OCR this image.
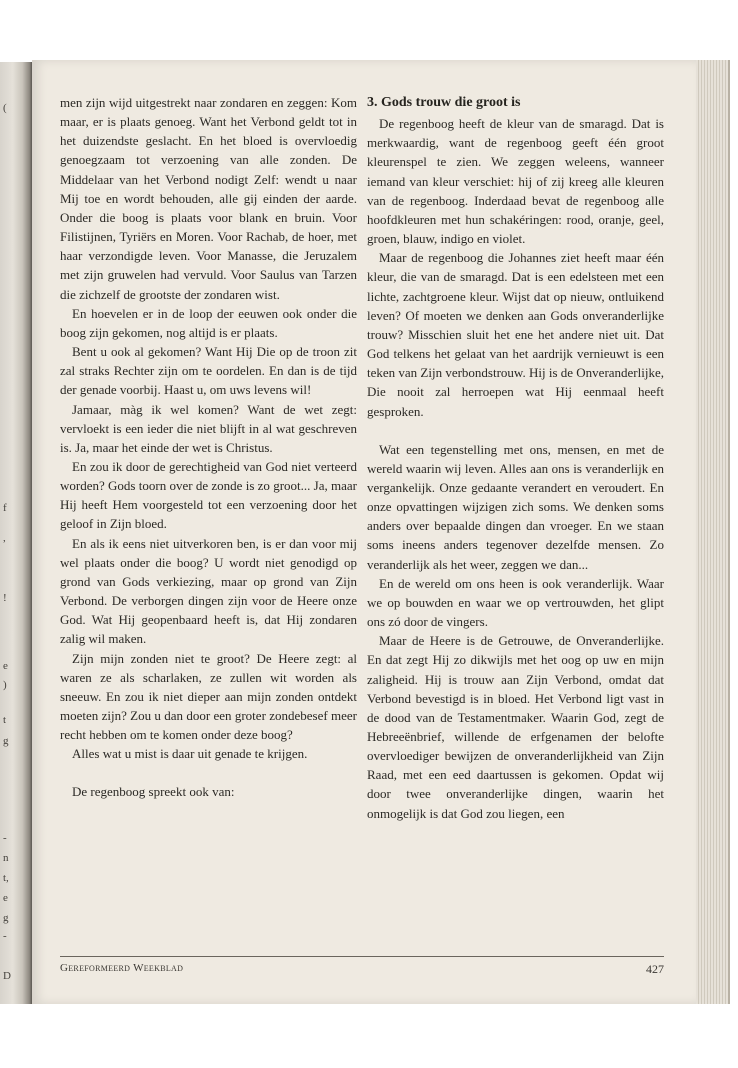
(
f
,
!
e
)
t
g
-
n
t,
e
g
‐
D

men zijn wijd uitgestrekt naar zondaren en zeggen: Kom maar, er is plaats genoeg. Want het Verbond geldt tot in het duizendste geslacht. En het bloed is overvloedig genoegzaam tot verzoening van alle zonden. De Middelaar van het Verbond nodigt Zelf: wendt u naar Mij toe en wordt behouden, alle gij einden der aarde. Onder die boog is plaats voor blank en bruin. Voor Filistijnen, Tyriërs en Moren. Voor Rachab, de hoer, met haar verzondigde leven. Voor Manasse, die Jeruzalem met zijn gruwelen had vervuld. Voor Saulus van Tarzen die zichzelf de grootste der zondaren wist.

En hoevelen er in de loop der eeuwen ook onder die boog zijn gekomen, nog altijd is er plaats.

Bent u ook al gekomen? Want Hij Die op de troon zit zal straks Rechter zijn om te oordelen. En dan is de tijd der genade voorbij. Haast u, om uws levens wil!

Jamaar, màg ik wel komen? Want de wet zegt: vervloekt is een ieder die niet blijft in al wat geschreven is. Ja, maar het einde der wet is Christus.

En zou ik door de gerechtigheid van God niet verteerd worden? Gods toorn over de zonde is zo groot... Ja, maar Hij heeft Hem voorgesteld tot een verzoening door het geloof in Zijn bloed.

En als ik eens niet uitverkoren ben, is er dan voor mij wel plaats onder die boog? U wordt niet genodigd op grond van Gods verkiezing, maar op grond van Zijn Verbond. De verborgen dingen zijn voor de Heere onze God. Wat Hij geopenbaard heeft is, dat Hij zondaren zalig wil maken.

Zijn mijn zonden niet te groot? De Heere zegt: al waren ze als scharlaken, ze zullen wit worden als sneeuw. En zou ik niet dieper aan mijn zonden ontdekt moeten zijn? Zou u dan door een groter zondebesef meer recht hebben om te komen onder deze boog?

Alles wat u mist is daar uit genade te krijgen.

De regenboog spreekt ook van:

3. Gods trouw die groot is

De regenboog heeft de kleur van de smaragd. Dat is merkwaardig, want de regenboog geeft één groot kleurenspel te zien. We zeggen weleens, wanneer iemand van kleur verschiet: hij of zij kreeg alle kleuren van de regenboog. Inderdaad bevat de regenboog alle hoofdkleuren met hun schakéringen: rood, oranje, geel, groen, blauw, indigo en violet.

Maar de regenboog die Johannes ziet heeft maar één kleur, die van de smaragd. Dat is een edelsteen met een lichte, zachtgroene kleur. Wijst dat op nieuw, ontluikend leven? Of moeten we denken aan Gods onveranderlijke trouw? Misschien sluit het ene het andere niet uit. Dat God telkens het gelaat van het aardrijk vernieuwt is een teken van Zijn verbondstrouw. Hij is de Onveranderlijke, Die nooit zal herroepen wat Hij eenmaal heeft gesproken.

Wat een tegenstelling met ons, mensen, en met de wereld waarin wij leven. Alles aan ons is veranderlijk en vergankelijk. Onze gedaante verandert en veroudert. En onze opvattingen wijzigen zich soms. We denken soms anders over bepaalde dingen dan vroeger. En we staan soms ineens anders tegenover dezelfde mensen. Zo veranderlijk als het weer, zeggen we dan...

En de wereld om ons heen is ook veranderlijk. Waar we op bouwden en waar we op vertrouwden, het glipt ons zó door de vingers.

Maar de Heere is de Getrouwe, de Onveranderlijke. En dat zegt Hij zo dikwijls met het oog op uw en mijn zaligheid. Hij is trouw aan Zijn Verbond, omdat dat Verbond bevestigd is in bloed. Het Verbond ligt vast in de dood van de Testamentmaker. Waarin God, zegt de Hebreeënbrief, willende de erfgenamen der belofte overvloediger bewijzen de onveranderlijkheid van Zijn Raad, met een eed daartussen is gekomen. Opdat wij door twee onveranderlijke dingen, waarin het onmogelijk is dat God zou liegen, een

Gereformeerd Weekblad	427
